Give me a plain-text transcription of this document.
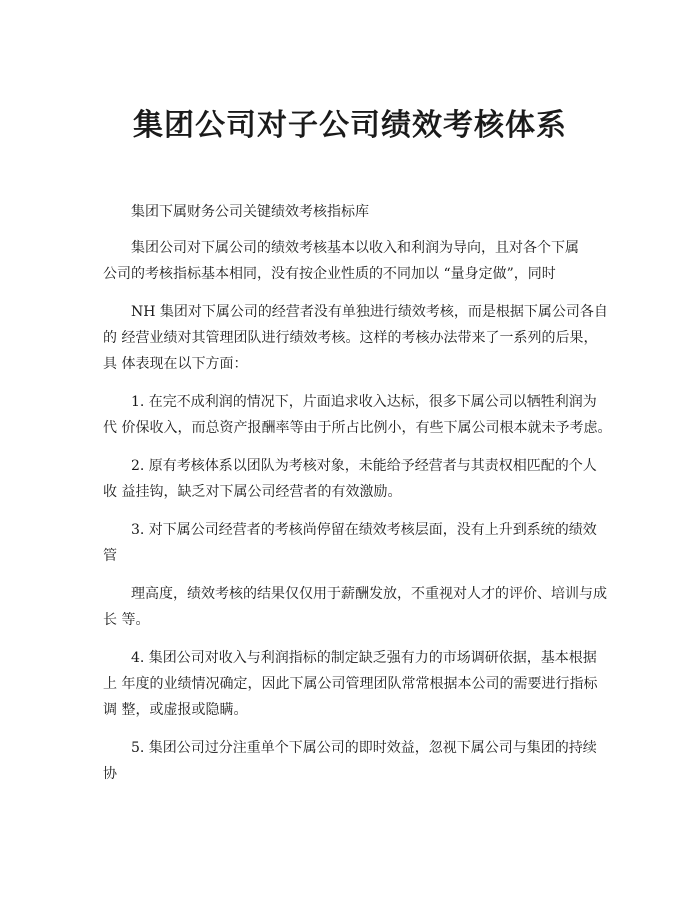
集团公司对子公司绩效考核体系

集团下属财务公司关键绩效考核指标库

集团公司对下属公司的绩效考核基本以收入和利润为导向，且对各个下属

公司的考核指标基本相同，没有按企业性质的不同加以 “量身定做”，同时

NH 集团对下属公司的经营者没有单独进行绩效考核，而是根据下属公司各自

的 经营业绩对其管理团队进行绩效考核。这样的考核办法带来了一系列的后果，

具 体表现在以下方面：

1. 在完不成利润的情况下，片面追求收入达标，很多下属公司以牺牲利润为

代 价保收入，而总资产报酬率等由于所占比例小，有些下属公司根本就未予考虑。

2. 原有考核体系以团队为考核对象，未能给予经营者与其责权相匹配的个人

收 益挂钩，缺乏对下属公司经营者的有效激励。

3. 对下属公司经营者的考核尚停留在绩效考核层面，没有上升到系统的绩效

管

理高度，绩效考核的结果仅仅用于薪酬发放，不重视对人才的评价、培训与成

长 等。

4. 集团公司对收入与利润指标的制定缺乏强有力的市场调研依据，基本根据

上 年度的业绩情况确定，因此下属公司管理团队常常根据本公司的需要进行指标

调 整，或虚报或隐瞒。

5. 集团公司过分注重单个下属公司的即时效益，忽视下属公司与集团的持续

协
